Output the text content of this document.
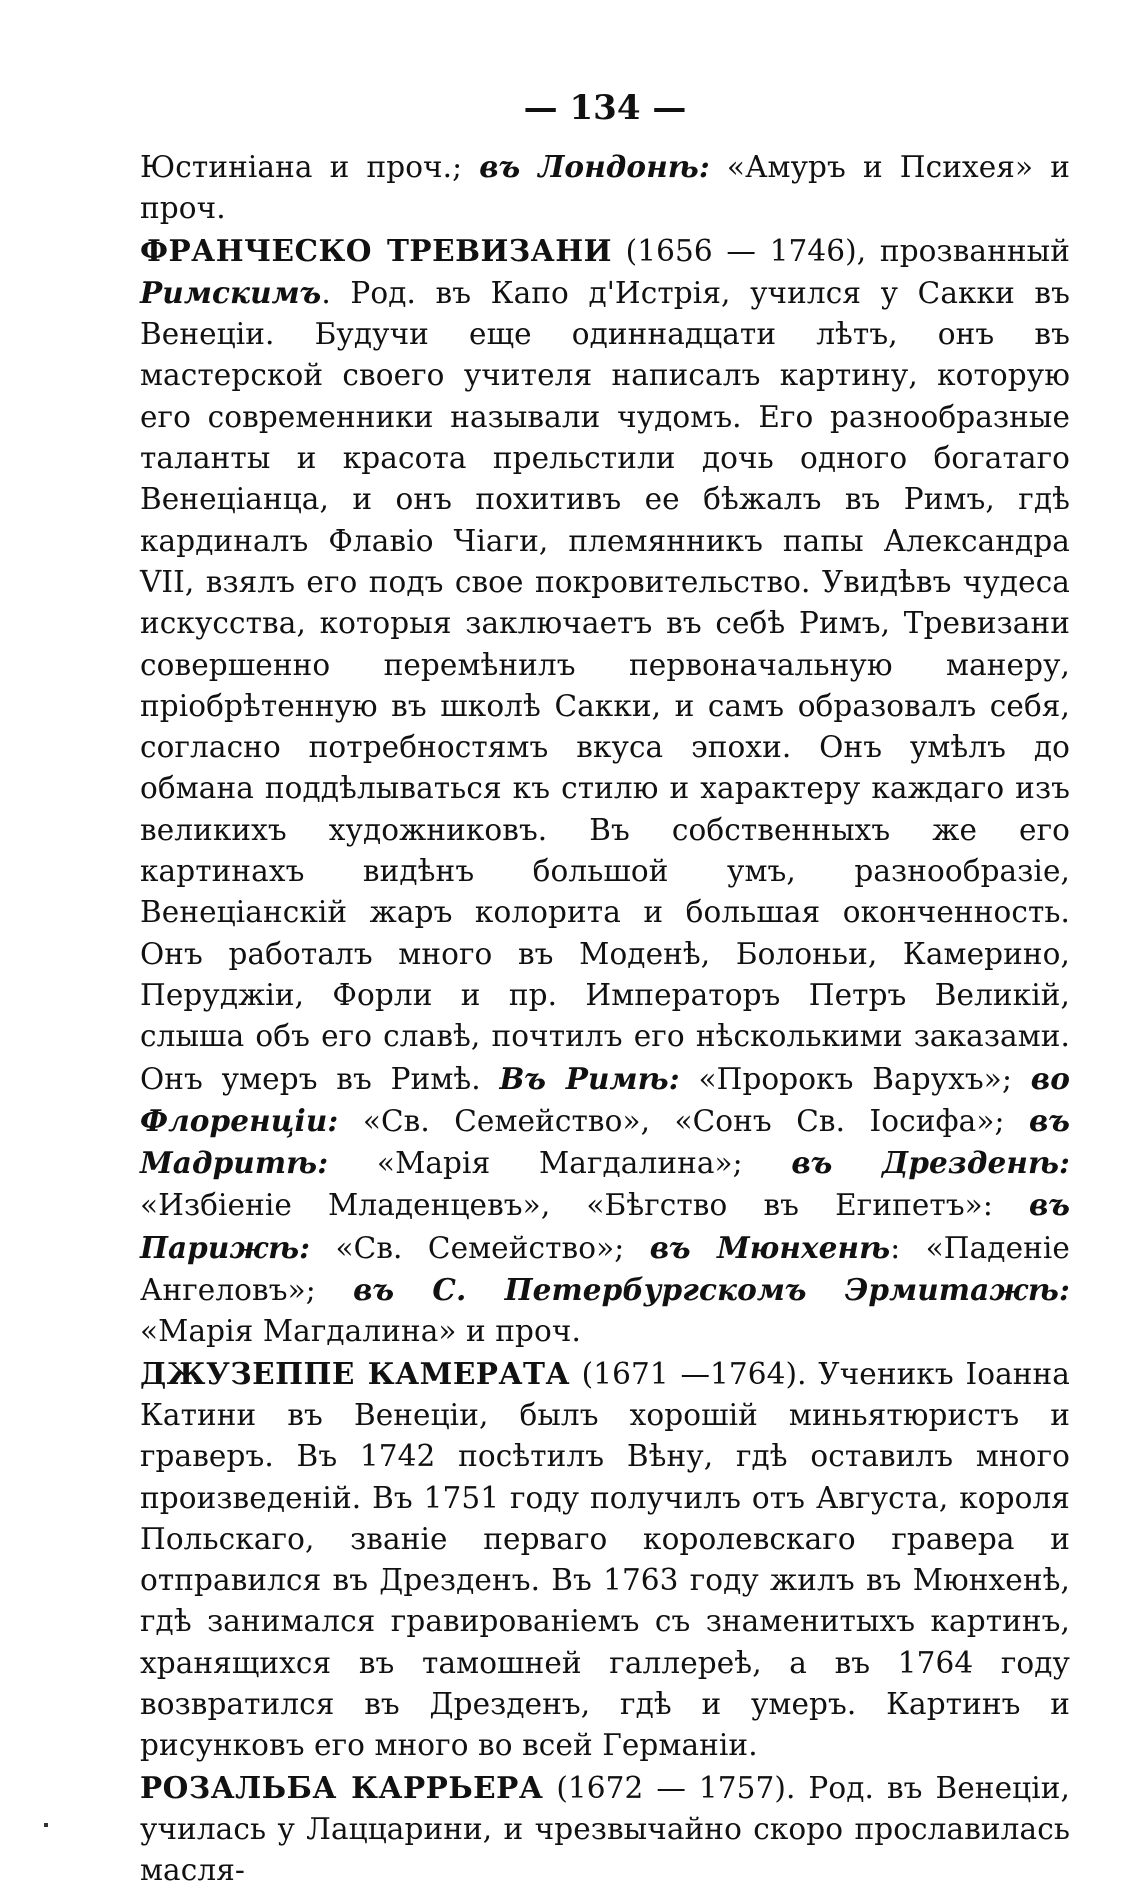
— 134 —

Юстиніана и проч.; въ Лондонѣ: «Амуръ и Психея» и проч.

ФРАНЧЕСКО ТРЕВИЗАНИ (1656 — 1746), прозванный Римскимъ. Род. въ Капо д'Истрія, учился у Сакки въ Венеціи. Будучи еще одиннадцати лѣтъ, онъ въ мастерской своего учителя написалъ картину, которую его современники называли чудомъ. Его разнообразные таланты и красота прельстили дочь одного богатаго Венеціанца, и онъ похитивъ ее бѣжалъ въ Римъ, гдѣ кардиналъ Флавіо Чіаги, племянникъ папы Александра VII, взялъ его подъ свое покровительство. Увидѣвъ чудеса искусства, которыя заключаетъ въ себѣ Римъ, Тревизани совершенно перемѣнилъ первоначальную манеру, пріобрѣтенную въ школѣ Сакки, и самъ образовалъ себя, согласно потребностямъ вкуса эпохи. Онъ умѣлъ до обмана поддѣлываться къ стилю и характеру каждаго изъ великихъ художниковъ. Въ собственныхъ же его картинахъ видѣнъ большой умъ, разнообразіе, Венеціанскій жаръ колорита и большая оконченность. Онъ работалъ много въ Моденѣ, Болоньи, Камерино, Перуджіи, Форли и пр. Императоръ Петръ Великій, слыша объ его славѣ, почтилъ его нѣсколькими заказами. Онъ умеръ въ Римѣ. Въ Римѣ: «Пророкъ Варухъ»; во Флоренціи: «Св. Семейство», «Сонъ Св. Іосифа»; въ Мадритѣ: «Марія Магдалина»; въ Дрезденѣ: «Избіеніе Младенцевъ», «Бѣгство въ Египетъ»: въ Парижѣ: «Св. Семейство»; въ Мюнхенѣ: «Паденіе Ангеловъ»; въ С. Петербургскомъ Эрмитажѣ: «Марія Магдалина» и проч.

ДЖУЗЕППЕ КАМЕРАТА (1671 —1764). Ученикъ Іоанна Катини въ Венеціи, былъ хорошій миньятюристъ и граверъ. Въ 1742 посѣтилъ Вѣну, гдѣ оставилъ много произведеній. Въ 1751 году получилъ отъ Августа, короля Польскаго, званіе перваго королевскаго гравера и отправился въ Дрезденъ. Въ 1763 году жилъ въ Мюнхенѣ, гдѣ занимался гравированіемъ съ знаменитыхъ картинъ, хранящихся въ тамошней галлереѣ, а въ 1764 году возвратился въ Дрезденъ, гдѣ и умеръ. Картинъ и рисунковъ его много во всей Германіи.

РОЗАЛЬБА КАРРЬЕРА (1672 — 1757). Род. въ Венеціи, училась у Лаццарини, и чрезвычайно скоро прославилась масля-
